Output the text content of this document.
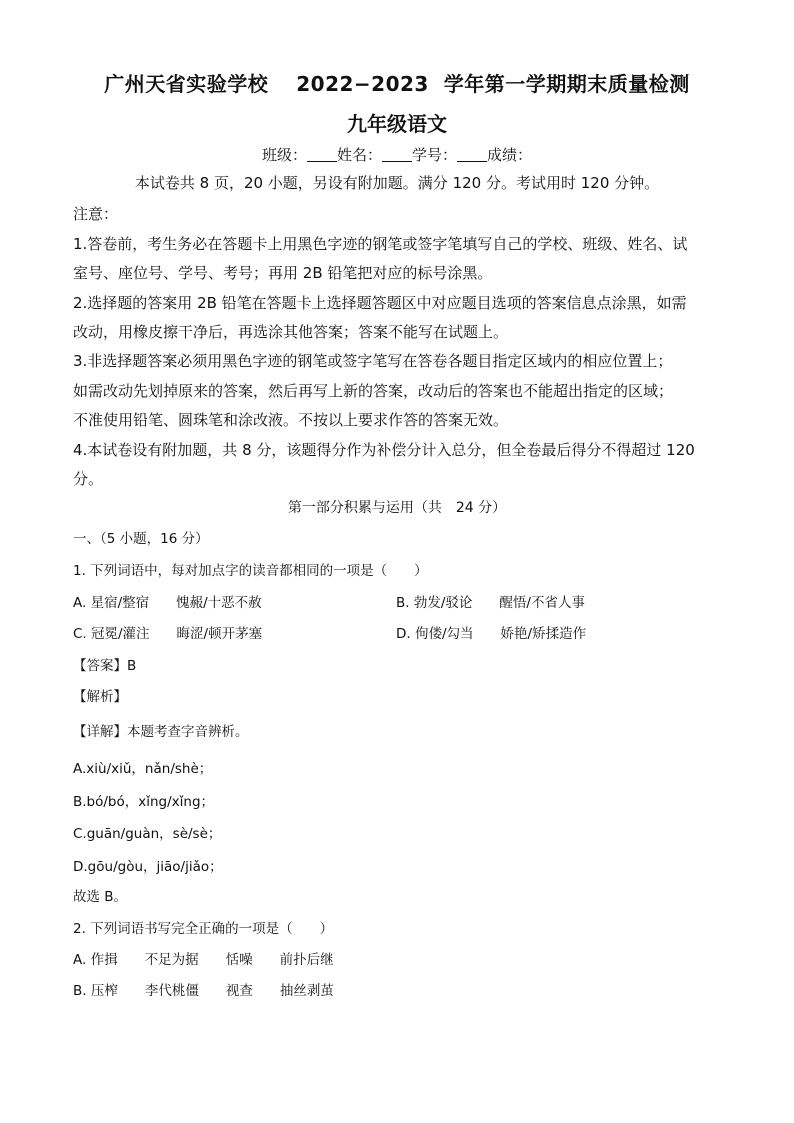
广州天省实验学校 2022−2023 学年第一学期期末质量检测
九年级语文
班级： 姓名： 学号： 成绩：
本试卷共 8 页，20 小题，另设有附加题。满分 120 分。考试用时 120 分钟。
注意：
1.答卷前，考生务必在答题卡上用黑色字迹的钢笔或签字笔填写自己的学校、班级、姓名、试
室号、座位号、学号、考号；再用 2B 铅笔把对应的标号涂黑。
2.选择题的答案用 2B 铅笔在答题卡上选择题答题区中对应题目选项的答案信息点涂黑，如需
改动，用橡皮擦干净后，再选涂其他答案；答案不能写在试题上。
3.非选择题答案必须用黑色字迹的钢笔或签字笔写在答卷各题目指定区域内的相应位置上；
如需改动先划掉原来的答案，然后再写上新的答案，改动后的答案也不能超出指定的区域；
不准使用铅笔、圆珠笔和涂改液。不按以上要求作答的答案无效。
4.本试卷设有附加题，共 8 分，该题得分作为补偿分计入总分，但全卷最后得分不得超过 120
分。
第一部分积累与运用（共　24 分）
一、（5 小题，16 分）
1. 下列词语中，每对加点字的读音都相同的一项是（　　）
A. 星宿/整宿　　愧赧/十恶不赦	B. 勃发/驳论　　醒悟/不省人事
C. 冠冕/灌注　　晦涩/顿开茅塞	D. 佝偻/勾当　　娇艳/矫揉造作
【答案】B
【解析】
【详解】本题考查字音辨析。
A.xiù/xiǔ，nǎn/shè；
B.bó/bó，xǐng/xǐng；
C.guān/guàn，sè/sè；
D.gōu/gòu，jiāo/jiǎo；
故选 B。
2. 下列词语书写完全正确的一项是（　　）
A. 作揖　　不足为据　　恬噪　　前扑后继
B. 压榨　　李代桃僵　　视查　　抽丝剥茧
